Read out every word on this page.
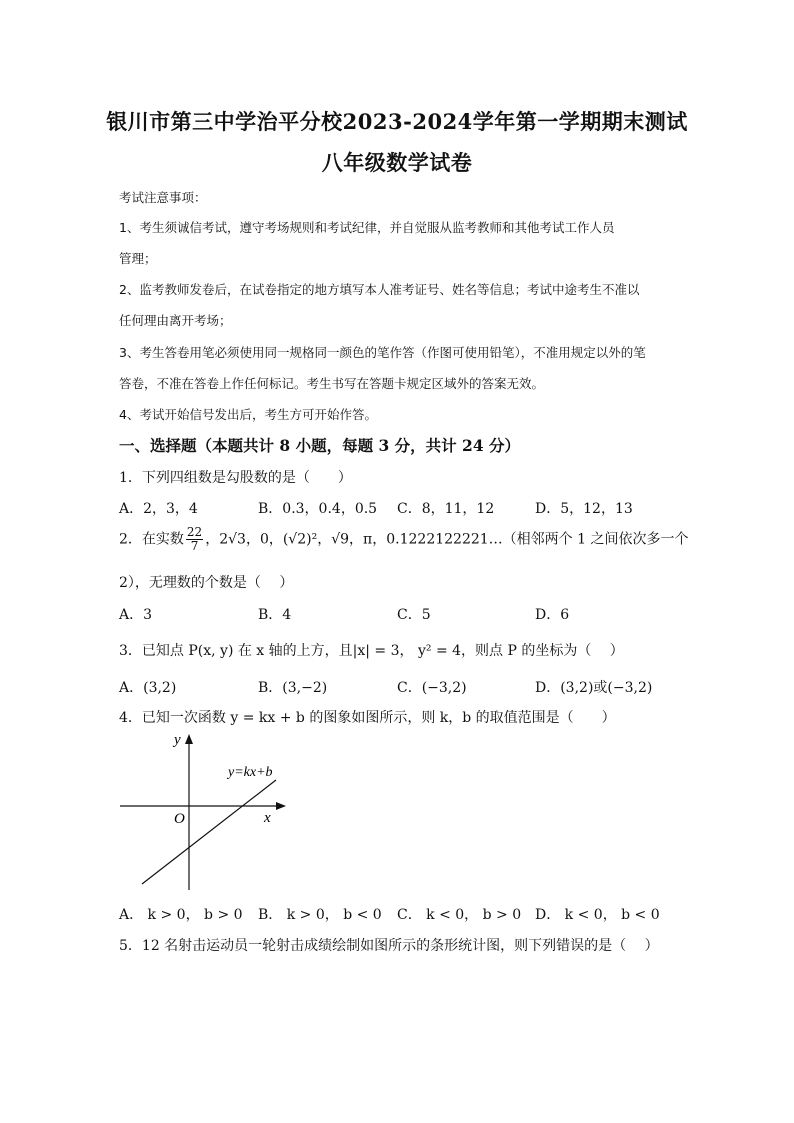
银川市第三中学治平分校2023-2024学年第一学期期末测试
八年级数学试卷
考试注意事项：
1、考生须诚信考试，遵守考场规则和考试纪律，并自觉服从监考教师和其他考试工作人员
管理；
2、监考教师发卷后，在试卷指定的地方填写本人准考证号、姓名等信息；考试中途考生不准以
任何理由离开考场；
3、考生答卷用笔必须使用同一规格同一颜色的笔作答（作图可使用铅笔），不准用规定以外的笔
答卷，不准在答卷上作任何标记。考生书写在答题卡规定区域外的答案无效。
4、考试开始信号发出后，考生方可开始作答。
一、选择题（本题共计 8 小题，每题 3 分，共计 24 分）
1．下列四组数是勾股数的是（　　）
A．2，3，4	B．0.3，0.4，0.5 C．8，11，12	D．5，12，13
2．在实数 $\frac{22}{7}$ ，2√3，0，(√2)²，√9，π，0.1222122221…（相邻两个 1 之间依次多一个
2），无理数的个数是（　 ）
A．3	B．4	C．5	D．6
3．已知点 P(x, y) 在 x 轴的上方，且|x| = 3， y² = 4，则点 P 的坐标为（　 ）
A．(3,2)	B．(3,−2)	C．(−3,2)	D．(3,2)或(−3,2)
4．已知一次函数 y = kx + b 的图象如图所示，则 k，b 的取值范围是（　　）
y
x
O
y=kx+b
A． k > 0， b > 0 B． k > 0， b < 0 C． k < 0， b > 0 D． k < 0， b < 0
5．12 名射击运动员一轮射击成绩绘制如图所示的条形统计图，则下列错误的是（　 ）
